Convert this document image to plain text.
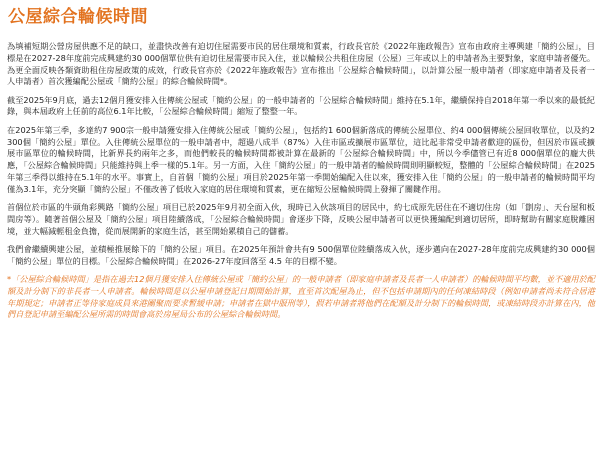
公屋綜合輪候時間

為填補短期公營房屋供應不足的缺口，並盡快改善有迫切住屋需要市民的居住環境和質素，行政長官於《2022年施政報告》宣布由政府主導興建「簡約公屋」，目標是在2027-28年度前完成興建約30 000個單位供有迫切住屋需要市民入住，並以輪候公共租住房屋（公屋）三年或以上的申請者為主要對象，家庭申請者優先。為更全面反映各類資助租住房屋政策的成效，行政長官亦於《2022年施政報告》宣布推出「公屋綜合輪候時間」，以計算公屋一般申請者（即家庭申請者及長者一人申請者）首次獲編配公屋或「簡約公屋」的綜合輪候時間*。

截至2025年9月底，過去12個月獲安排入住傳統公屋或「簡約公屋」的一般申請者的「公屋綜合輪候時間」維持在5.1年，繼續保持自2018年第一季以來的最低紀錄，與本屆政府上任前的高位6.1年比較，「公屋綜合輪候時間」縮短了整整一年。

在2025年第三季，多達約7 900宗一般申請獲安排入住傳統公屋或「簡約公屋」，包括約1 600個新落成的傳統公屋單位、約4 000個傳統公屋回收單位，以及約2 300個「簡約公屋」單位。入住傳統公屋單位的一般申請者中，超過八成半（87%）入住市區或擴展市區單位，這比起非常受申請者歡迎的區份，但因於市區或擴展市區單位的輪候時間，比新界長約兩年之多，而他們較長的輪候時間都被計算在最新的「公屋綜合輪候時間」中，所以今季儘管已有近8 000個單位的龐大供應，「公屋綜合輪候時間」只能維持與上季一樣的5.1年。另一方面，入住「簡約公屋」的一般申請者的輪候時間則明顯較短，整體的「公屋綜合輪候時間」在2025年第三季得以維持在5.1年的水平。事實上，自首個「簡約公屋」項目於2025年第一季開始編配入住以來，獲安排入住「簡約公屋」的一般申請者的輪候時間平均僅為3.1年，充分突顯「簡約公屋」不僅改善了低收入家庭的居住環境和質素，更在縮短公屋輪候時間上發揮了關鍵作用。

首個位於市區的牛頭角彩興路「簡約公屋」項目已於2025年9月初全面入伙，現時已入伙該項目的居民中，約七成原先居住在不適切住房（如「劏房」、天台屋和板間房等）。隨著首個公屋及「簡約公屋」項目陸續落成，「公屋綜合輪候時間」會逐步下降，反映公屋申請者可以更快獲編配到適切居所，即時幫助有關家庭脫離困境，並大幅減輕租金負擔，從而展開新的家庭生活，甚至開始累積自己的儲蓄。

我們會繼續興建公屋，並積極推展餘下的「簡約公屋」項目。在2025年預計會共有9 500個單位陸續落成入伙，逐步邁向在2027-28年度前完成興建約30 000個「簡約公屋」單位的目標。「公屋綜合輪候時間」在2026-27年度回落至 4.5 年的目標不變。

*「公屋綜合輪候時間」是指在過去12個月獲安排入住傳統公屋或「簡約公屋」的一般申請者（即家庭申請者及長者一人申請者）的輪候時間平均數，並不適用於配額及計分制下的非長者一人申請者。輪候時間是以公屋申請登記日期開始計算，直至首次配屋為止，但不包括申請期內的任何凍結時段（例如申請者尚未符合居港年期規定；申請者正等待家庭成員來港團聚而要求暫緩申請；申請者在獄中服刑等），假若申請者將他們在配額及計分制下的輪候時間，或凍結時段亦計算在內，他們自登記申請至編配公屋所需的時間會高於房屋局公布的公屋綜合輪候時間。
